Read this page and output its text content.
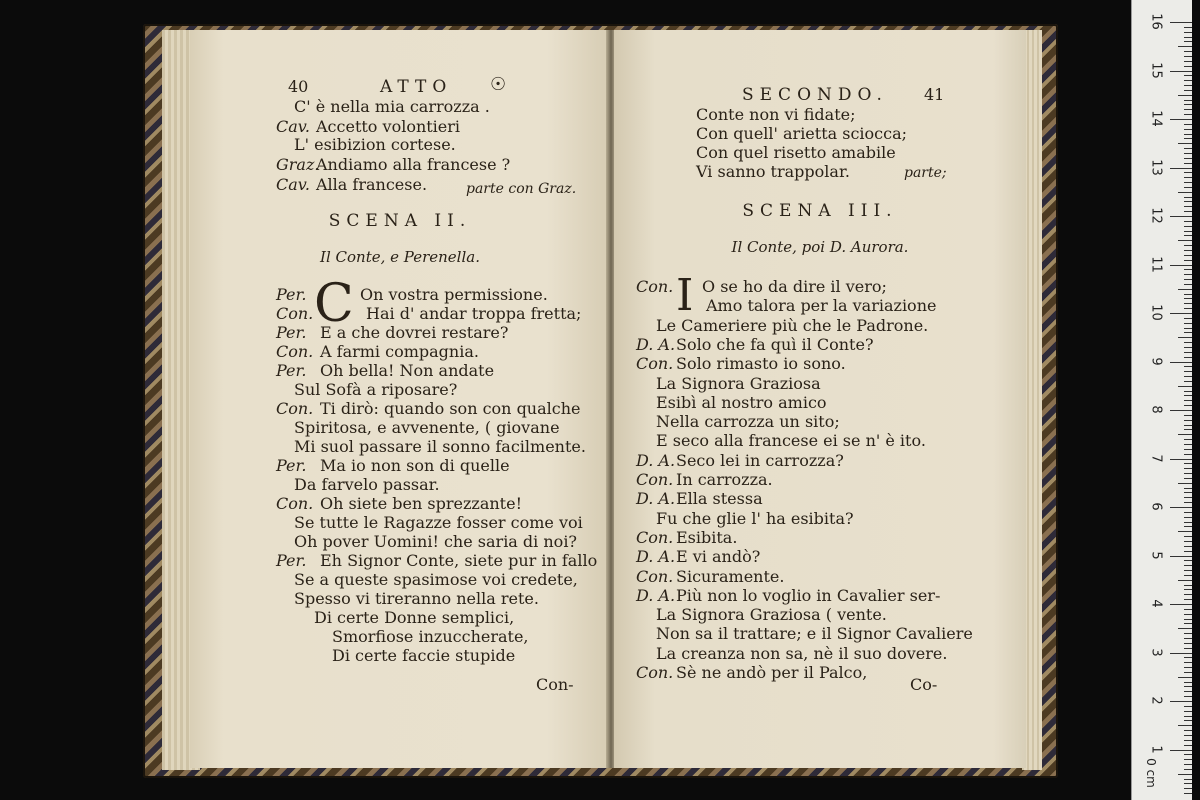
40	ATTO ☉
C' è nella mia carrozza .
Cav. Accetto volontieri
L' esibizion cortese.
Graz.
Andiamo alla francese ?
Cav. Alla francese.	parte con Graz.
SCENA II.
Il Conte, e Perenella.
C
Per.	On vostra permissione.
Con.	Hai d' andar troppa fretta;
Per. E a che dovrei restare?
Con. A farmi compagnia.
Per. Oh bella! Non andate
Sul Sofà a riposare?
Con. Ti dirò: quando son con qualche
Spiritosa, e avvenente, ( giovane
Mi suol passare il sonno facilmente.
Per. Ma io non son di quelle
Da farvelo passar.
Con. Oh siete ben sprezzante!
Se tutte le Ragazze fosser come voi
Oh pover Uomini! che saria di noi?
Per. Eh Signor Conte, siete pur in fallo
Se a queste spasimose voi credete,
Spesso vi tireranno nella rete.
Di certe Donne semplici,
Smorfiose inzuccherate,
Di certe faccie stupide
Con-
SECONDO. 41
Conte non vi fidate;
Con quell' arietta sciocca;
Con quel risetto amabile
Vi sanno trappolar.	parte;
SCENA III.
Il Conte, poi D. Aurora.
I
Con. O se ho da dire il vero;
Amo talora per la variazione
Le Cameriere più che le Padrone.
D. A. Solo che fa quì il Conte?
Con. Solo rimasto io sono.
La Signora Graziosa
Esibì al nostro amico
Nella carrozza un sito;
E seco alla francese ei se n' è ito.
D. A. Seco lei in carrozza?
Con. In carrozza.
D. A. Ella stessa
Fu che glie l' ha esibita?
Con. Esibita.
D. A. E vi andò?
Con. Sicuramente.
D. A. Più non lo voglio in Cavalier ser-
La Signora Graziosa ( vente.
Non sa il trattare; e il Signor Cavaliere
La creanza non sa, nè il suo dovere.
Con. Sè ne andò per il Palco,
Co-
16
15
14
13
12
11
10
9
8
7
6
5
4
3
2
1
0 cm
